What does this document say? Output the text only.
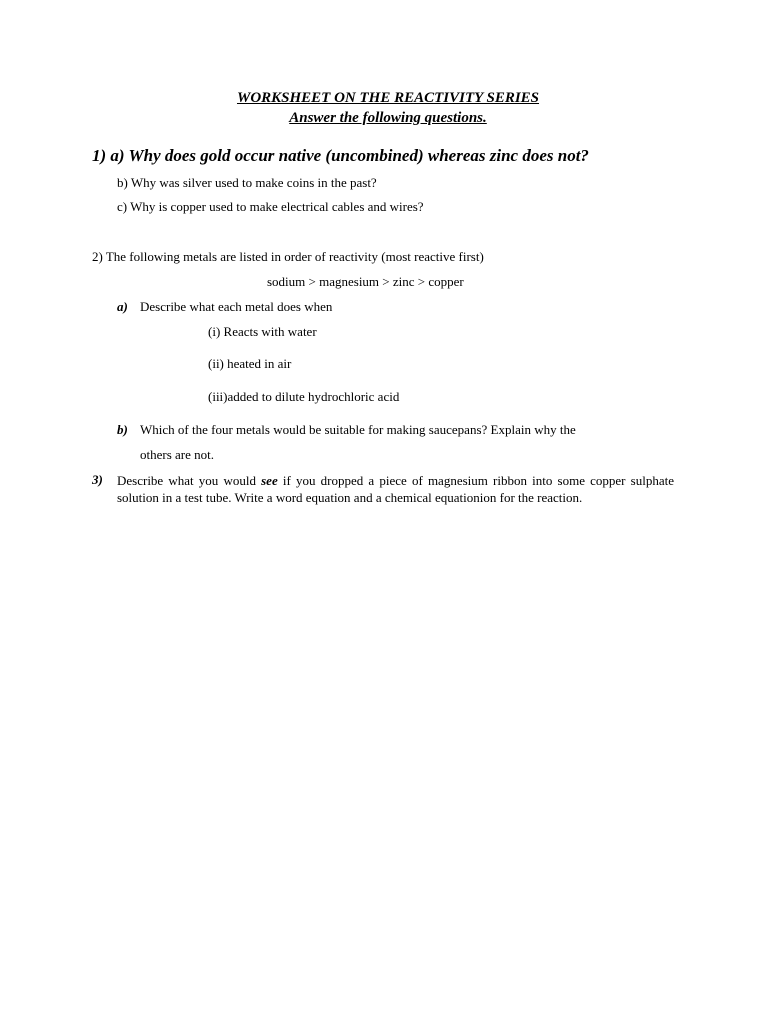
WORKSHEET ON THE REACTIVITY SERIES
Answer the following questions.
1) a) Why does gold occur native (uncombined) whereas zinc does not?
b) Why was silver used to make coins in the past?
c) Why is copper used to make electrical cables and wires?
2) The following metals are listed in order of reactivity (most reactive first)
sodium > magnesium > zinc > copper
a) Describe what each metal does when
(i) Reacts with water
(ii) heated in air
(iii)added to dilute hydrochloric acid
b) Which of the four metals would be suitable for making saucepans? Explain why the
others are not.
3) Describe what you would see if you dropped a piece of magnesium ribbon into some copper sulphate solution in a test tube. Write a word equation and a chemical equationion for the reaction.
